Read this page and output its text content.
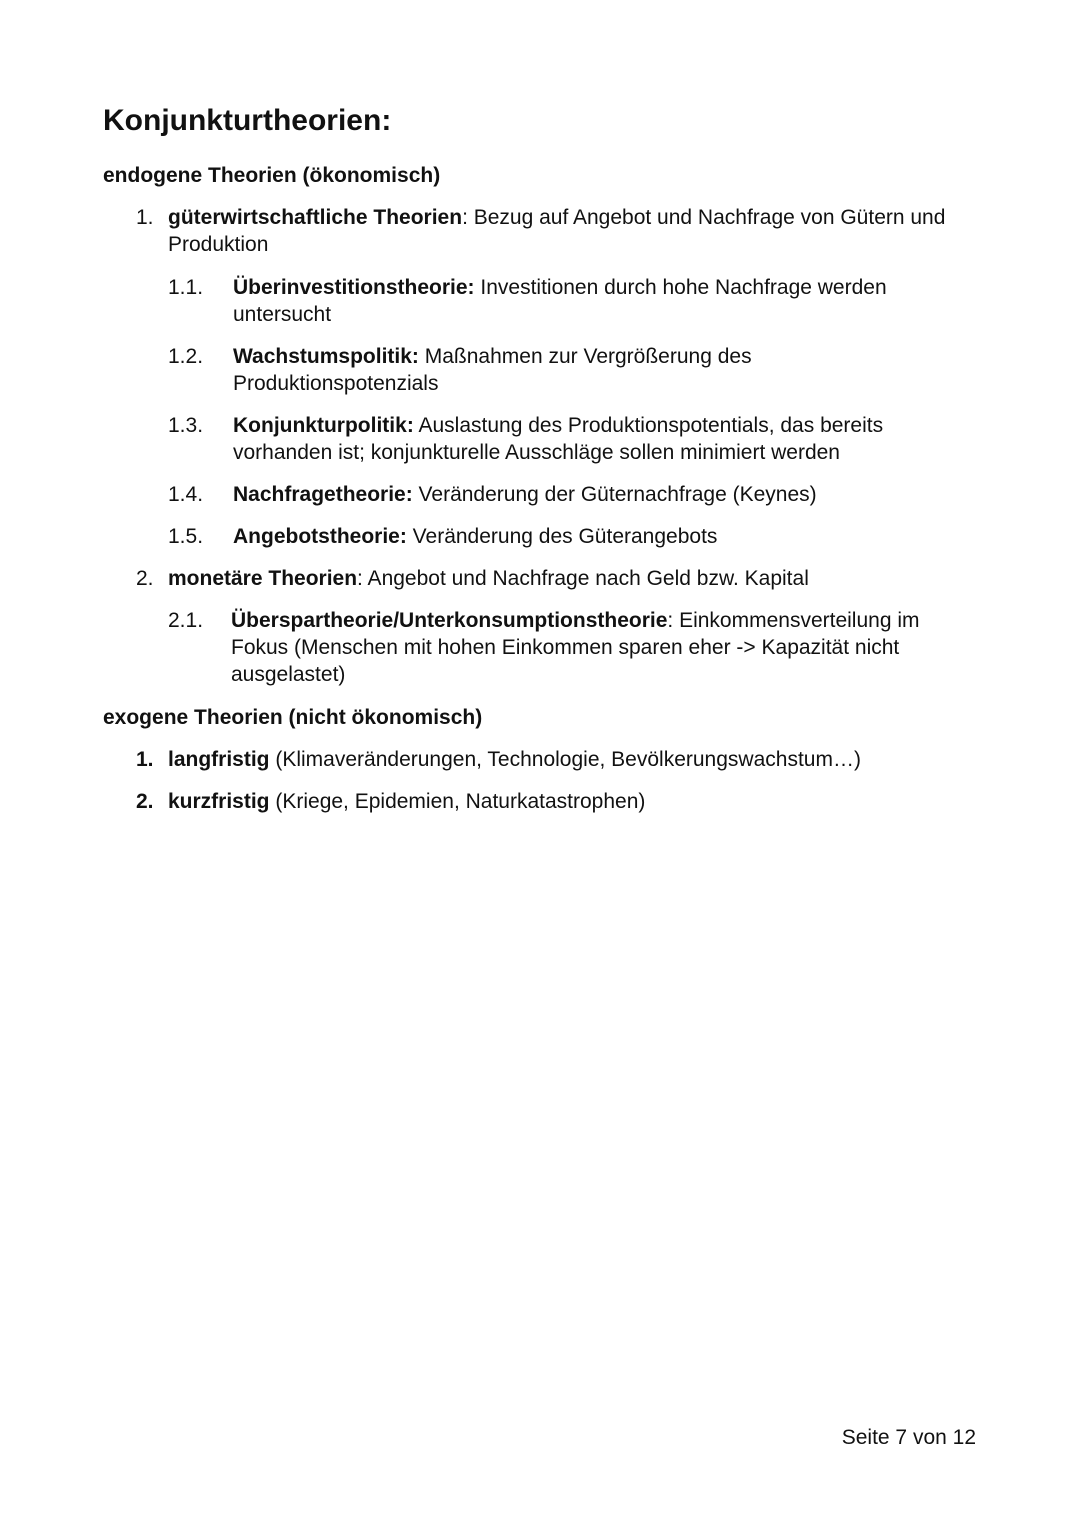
Konjunkturtheorien:
endogene Theorien (ökonomisch)
1. güterwirtschaftliche Theorien: Bezug auf Angebot und Nachfrage von Gütern und Produktion
1.1. Überinvestitionstheorie: Investitionen durch hohe Nachfrage werden untersucht
1.2. Wachstumspolitik: Maßnahmen zur Vergrößerung des Produktionspotenzials
1.3. Konjunkturpolitik: Auslastung des Produktionspotentials, das bereits vorhanden ist; konjunkturelle Ausschläge sollen minimiert werden
1.4. Nachfragetheorie: Veränderung der Güternachfrage (Keynes)
1.5. Angebotstheorie: Veränderung des Güterangebots
2. monetäre Theorien: Angebot und Nachfrage nach Geld bzw. Kapital
2.1. Überspartheorie/Unterkonsumptionstheorie: Einkommensverteilung im Fokus (Menschen mit hohen Einkommen sparen eher -> Kapazität nicht ausgelastet)
exogene Theorien (nicht ökonomisch)
1. langfristig (Klimaveränderungen, Technologie, Bevölkerungswachstum…)
2. kurzfristig (Kriege, Epidemien, Naturkatastrophen)
Seite 7 von 12
